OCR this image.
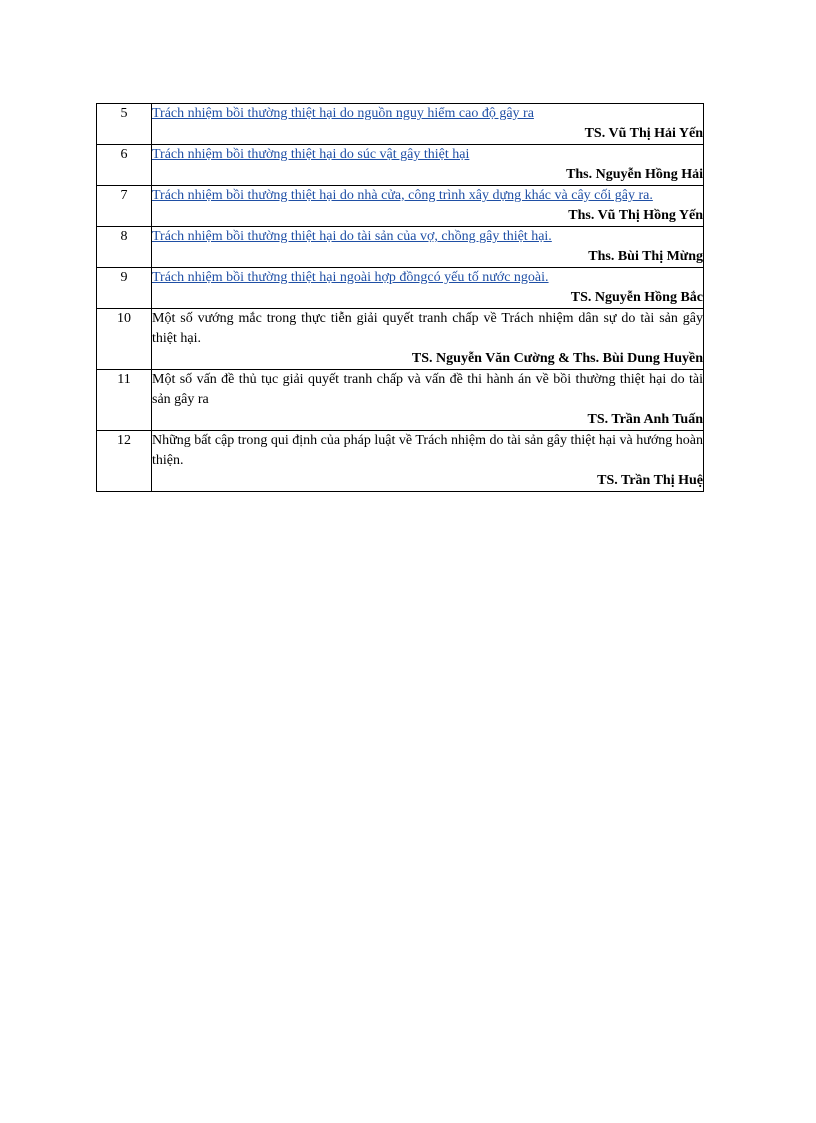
5	Trách nhiệm bồi thường thiệt hại do nguồn nguy hiểm cao độ gây ra
TS. Vũ Thị Hải Yến

6	Trách nhiệm bồi thường thiệt hại do súc vật gây thiệt hại
Ths. Nguyễn Hồng Hải

7	Trách nhiệm bồi thường thiệt hại do nhà cửa, công trình xây dựng khác và cây cối gây ra.
Ths. Vũ Thị Hồng Yến

8	Trách nhiệm bồi thường thiệt hại do tài sản của vợ, chồng gây thiệt hại.
Ths. Bùi Thị Mừng

9	Trách nhiệm bồi thường thiệt hại ngoài hợp đồngcó yếu tố nước ngoài.
TS. Nguyễn Hồng Bắc

10	Một số vướng mắc trong thực tiễn giải quyết tranh chấp về Trách nhiệm dân sự do tài sản gây thiệt hại.
TS. Nguyễn Văn Cường & Ths. Bùi Dung Huyền

11	Một số vấn đề thủ tục giải quyết tranh chấp và vấn đề thi hành án về bồi thường thiệt hại do tài sản gây ra
TS. Trần Anh Tuấn

12	Những bất cập trong qui định của pháp luật về Trách nhiệm do tài sản gây thiệt hại và hướng hoàn thiện.
TS. Trần Thị Huệ
